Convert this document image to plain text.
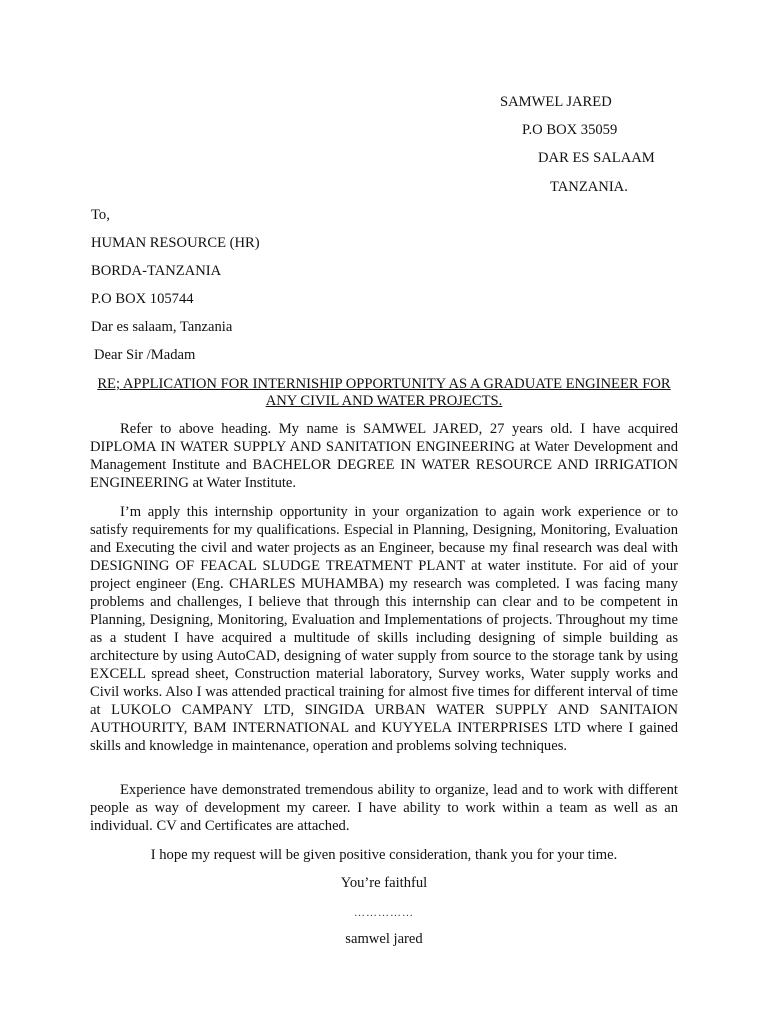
SAMWEL JARED
P.O BOX 35059
DAR ES SALAAM
TANZANIA.
To,
HUMAN RESOURCE (HR)
BORDA-TANZANIA
P.O BOX 105744
Dar es salaam, Tanzania
Dear Sir /Madam
RE; APPLICATION FOR INTERNISHIP OPPORTUNITY AS A GRADUATE ENGINEER FOR ANY CIVIL AND WATER PROJECTS.

Refer to above heading. My name is SAMWEL JARED, 27 years old. I have acquired DIPLOMA IN WATER SUPPLY AND SANITATION ENGINEERING at Water Development and Management Institute and BACHELOR DEGREE IN WATER RESOURCE AND IRRIGATION ENGINEERING at Water Institute.

I’m apply this internship opportunity in your organization to again work experience or to satisfy requirements for my qualifications. Especial in Planning, Designing, Monitoring, Evaluation and Executing the civil and water projects as an Engineer, because my final research was deal with DESIGNING OF FEACAL SLUDGE TREATMENT PLANT at water institute. For aid of your project engineer (Eng. CHARLES MUHAMBA) my research was completed. I was facing many problems and challenges, I believe that through this internship can clear and to be competent in Planning, Designing, Monitoring, Evaluation and Implementations of projects. Throughout my time as a student I have acquired a multitude of skills including designing of simple building as architecture by using AutoCAD, designing of water supply from source to the storage tank by using EXCELL spread sheet, Construction material laboratory, Survey works, Water supply works and Civil works. Also I was attended practical training for almost five times for different interval of time at LUKOLO CAMPANY LTD, SINGIDA URBAN WATER SUPPLY AND SANITAION AUTHOURITY, BAM INTERNATIONAL and KUYYELA INTERPRISES LTD where I gained skills and knowledge in maintenance, operation and problems solving techniques.

Experience have demonstrated tremendous ability to organize, lead and to work with different people as way of development my career. I have ability to work within a team as well as an individual. CV and Certificates are attached.

I hope my request will be given positive consideration, thank you for your time.
You’re faithful
……………
samwel jared
